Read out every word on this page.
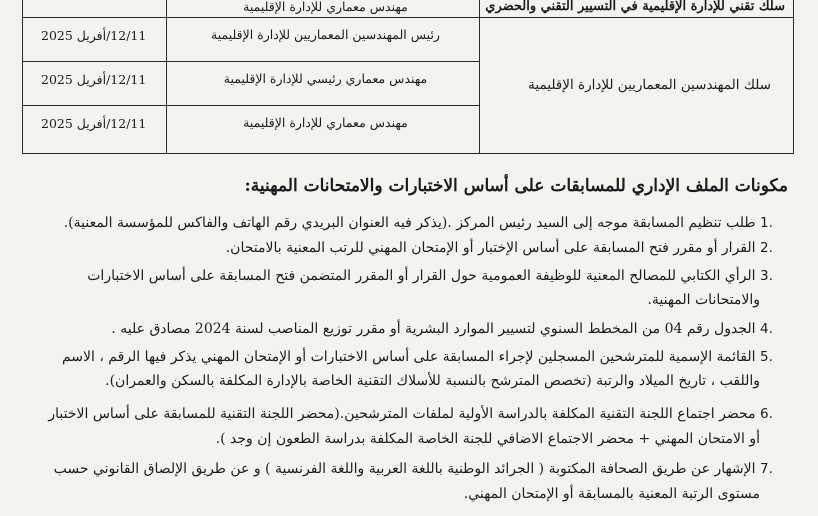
سلك تقني للإدارة الإقليمية في التسيير التقني والحضري
مهندس معماري للإدارة الإقليمية
سلك المهندسين المعماريين للإدارة الإقليمية
رئيس المهندسين المعماريين للإدارة الإقليمية
12/11/أفريل 2025
مهندس معماري رئيسي للإدارة الإقليمية
12/11/أفريل 2025
مهندس معماري للإدارة الإقليمية
12/11/أفريل 2025
مكونات الملف الإداري للمسابقات على أساس الاختبارات والامتحانات المهنية:
1. طلب تنظيم المسابقة موجه إلى السيد رئيس المركز .(يذكر فيه العنوان البريدي رقم الهاتف والفاكس للمؤسسة المعنية).
2. القرار أو مقرر فتح المسابقة على أساس الإختبار أو الإمتحان المهني للرتب المعنية بالامتحان.
3. الرأي الكتابي للمصالح المعنية للوظيفة العمومية حول القرار أو المقرر المتضمن فتح المسابقة على أساس الاختبارات
والامتحانات المهنية.
4. الجدول رقم 04 من المخطط السنوي لتسيير الموارد البشرية أو مقرر توزيع المناصب لسنة 2024 مصادق عليه .
5. القائمة الإسمية للمترشحين المسجلين لإجراء المسابقة على أساس الاختبارات أو الإمتحان المهني يذكر فيها الرقم ، الاسم
واللقب ، تاريخ الميلاد والرتبة (تخصص المترشح بالنسبة للأسلاك التقنية الخاصة بالإدارة المكلفة بالسكن والعمران).
6. محضر اجتماع اللجنة التقنية المكلفة بالدراسة الأولية لملفات المترشحين.(محضر اللجنة التقنية للمسابقة على أساس الاختبار
أو الامتحان المهني + محضر الاجتماع الاضافي للجنة الخاصة المكلفة بدراسة الطعون إن وجد ).
7. الإشهار عن طريق الصحافة المكتوبة ( الجرائد الوطنية باللغة العربية واللغة الفرنسية ) و عن طريق الإلصاق القانوني حسب
مستوى الرتبة المعنية بالمسابقة أو الإمتحان المهني.
